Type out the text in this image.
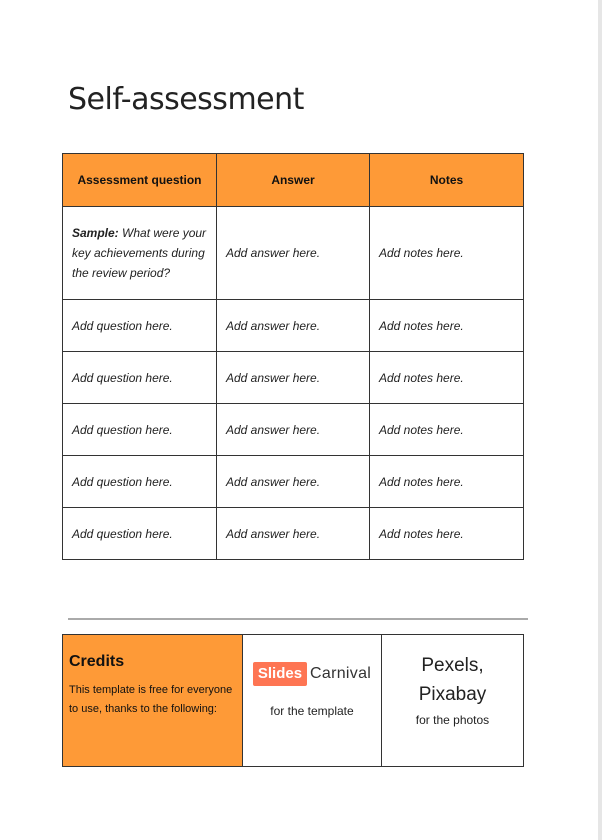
Self-assessment
Assessment question	Answer	Notes
Sample: What were your key achievements during the review period?	Add answer here.	Add notes here.
Add question here.	Add answer here.	Add notes here.
Add question here.	Add answer here.	Add notes here.
Add question here.	Add answer here.	Add notes here.
Add question here.	Add answer here.	Add notes here.
Add question here.	Add answer here.	Add notes here.
Credits
This template is free for everyone to use, thanks to the following:

Slides Carnival
for the template

Pexels,
Pixabay
for the photos
